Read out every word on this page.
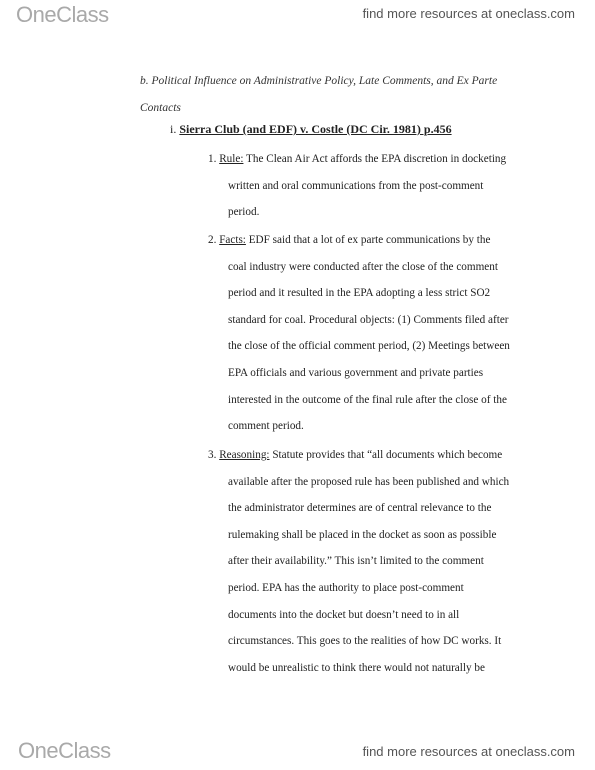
OneClass	find more resources at oneclass.com
b. Political Influence on Administrative Policy, Late Comments, and Ex Parte
Contacts
i. Sierra Club (and EDF) v. Costle (DC Cir. 1981) p.456
1. Rule: The Clean Air Act affords the EPA discretion in docketing
written and oral communications from the post-comment
period.
2. Facts: EDF said that a lot of ex parte communications by the
coal industry were conducted after the close of the comment
period and it resulted in the EPA adopting a less strict SO2
standard for coal. Procedural objects: (1) Comments filed after
the close of the official comment period, (2) Meetings between
EPA officials and various government and private parties
interested in the outcome of the final rule after the close of the
comment period.
3. Reasoning: Statute provides that “all documents which become
available after the proposed rule has been published and which
the administrator determines are of central relevance to the
rulemaking shall be placed in the docket as soon as possible
after their availability.” This isn’t limited to the comment
period. EPA has the authority to place post-comment
documents into the docket but doesn’t need to in all
circumstances. This goes to the realities of how DC works. It
would be unrealistic to think there would not naturally be
OneClass	find more resources at oneclass.com
